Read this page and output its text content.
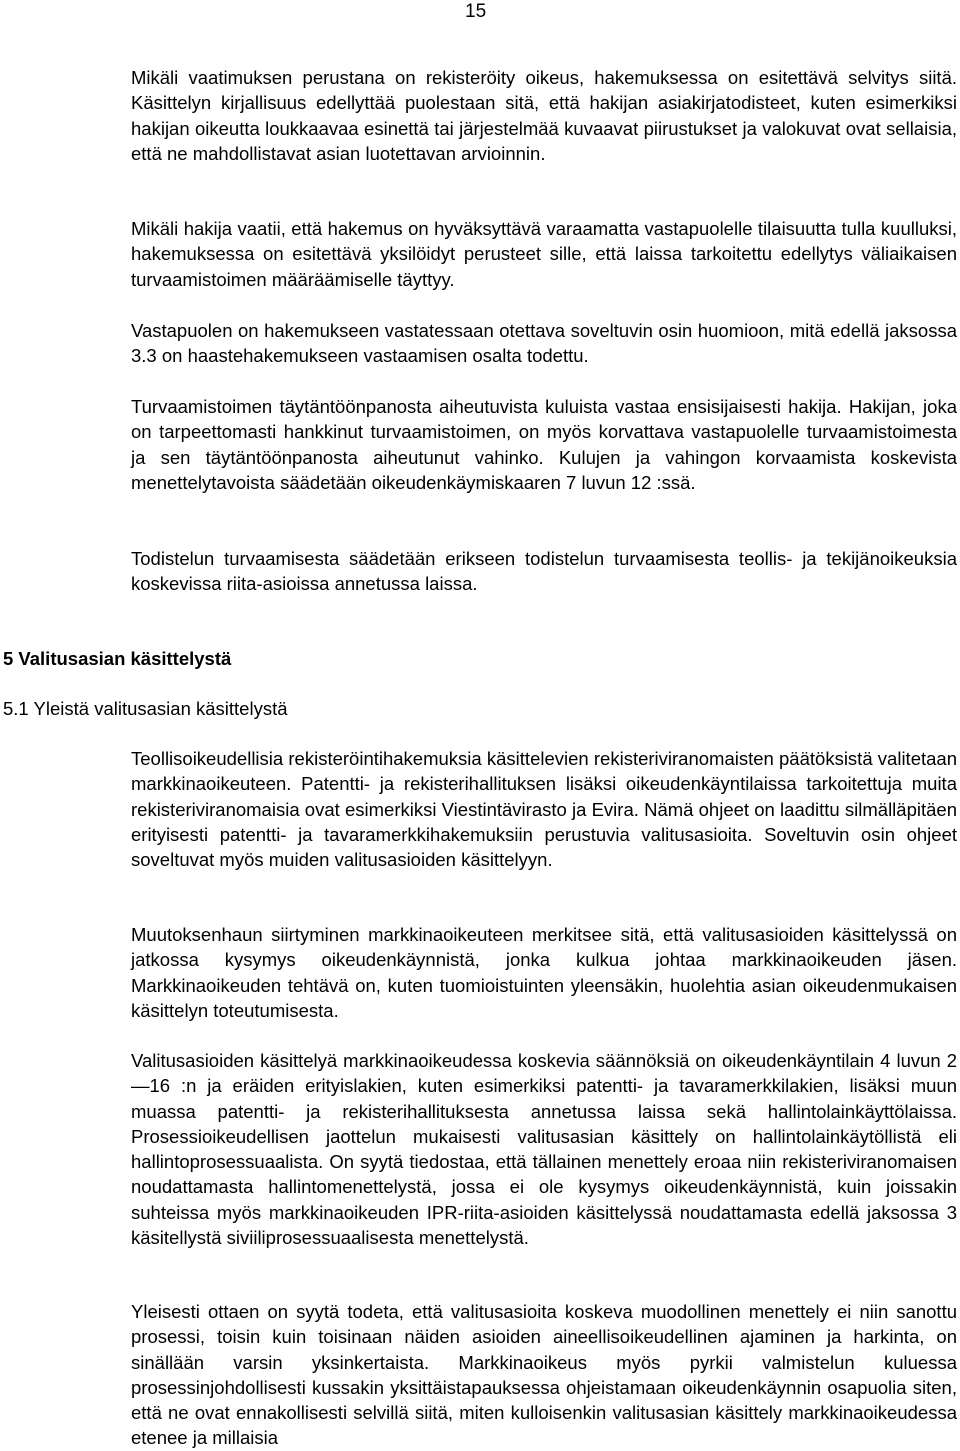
15

Mikäli vaatimuksen perustana on rekisteröity oikeus, hakemuksessa on esitettävä selvitys siitä. Käsittelyn kirjallisuus edellyttää puolestaan sitä, että hakijan asiakirjatodisteet, kuten esimerkiksi hakijan oikeutta loukkaavaa esinettä tai järjestelmää kuvaavat piirustukset ja valokuvat ovat sellaisia, että ne mahdollistavat asian luotettavan arvioinnin.

Mikäli hakija vaatii, että hakemus on hyväksyttävä varaamatta vastapuolelle tilaisuutta tulla kuulluksi, hakemuksessa on esitettävä yksilöidyt perusteet sille, että laissa tarkoitettu edellytys väliaikaisen turvaamistoimen määräämiselle täyttyy.

Vastapuolen on hakemukseen vastatessaan otettava soveltuvin osin huomioon, mitä edellä jaksossa 3.3 on haastehakemukseen vastaamisen osalta todettu.

Turvaamistoimen täytäntöönpanosta aiheutuvista kuluista vastaa ensisijaisesti hakija. Hakijan, joka on tarpeettomasti hankkinut turvaamistoimen, on myös korvattava vastapuolelle turvaamistoimesta ja sen täytäntöönpanosta aiheutunut vahinko. Kulujen ja vahingon korvaamista koskevista menettelytavoista säädetään oikeudenkäymiskaaren 7 luvun 12 :ssä.

Todistelun turvaamisesta säädetään erikseen todistelun turvaamisesta teollis- ja tekijänoikeuksia koskevissa riita-asioissa annetussa laissa.

5 Valitusasian käsittelystä
5.1 Yleistä valitusasian käsittelystä

Teollisoikeudellisia rekisteröintihakemuksia käsittelevien rekisteriviranomaisten päätöksistä valitetaan markkinaoikeuteen. Patentti- ja rekisterihallituksen lisäksi oikeudenkäyntilaissa tarkoitettuja muita rekisteriviranomaisia ovat esimerkiksi Viestintävirasto ja Evira. Nämä ohjeet on laadittu silmälläpitäen erityisesti patentti- ja tavaramerkkihakemuksiin perustuvia valitusasioita. Soveltuvin osin ohjeet soveltuvat myös muiden valitusasioiden käsittelyyn.

Muutoksenhaun siirtyminen markkinaoikeuteen merkitsee sitä, että valitusasioiden käsittelyssä on jatkossa kysymys oikeudenkäynnistä, jonka kulkua johtaa markkinaoikeuden jäsen. Markkinaoikeuden tehtävä on, kuten tuomioistuinten yleensäkin, huolehtia asian oikeudenmukaisen käsittelyn toteutumisesta.

Valitusasioiden käsittelyä markkinaoikeudessa koskevia säännöksiä on oikeudenkäyntilain 4 luvun 2—16 :n ja eräiden erityislakien, kuten esimerkiksi patentti- ja tavaramerkkilakien, lisäksi muun muassa patentti- ja rekisterihallituksesta annetussa laissa sekä hallintolainkäyttölaissa. Prosessioikeudellisen jaottelun mukaisesti valitusasian käsittely on hallintolainkäytöllistä eli hallintoprosessuaalista. On syytä tiedostaa, että tällainen menettely eroaa niin rekisteriviranomaisen noudattamasta hallintomenettelystä, jossa ei ole kysymys oikeudenkäynnistä, kuin joissakin suhteissa myös markkinaoikeuden IPR-riita-asioiden käsittelyssä noudattamasta edellä jaksossa 3 käsitellystä siviiliprosessuaalisesta menettelystä.

Yleisesti ottaen on syytä todeta, että valitusasioita koskeva muodollinen menettely ei niin sanottu prosessi, toisin kuin toisinaan näiden asioiden aineellisoikeudellinen ajaminen ja harkinta, on sinällään varsin yksinkertaista. Markkinaoikeus myös pyrkii valmistelun kuluessa prosessinjohdollisesti kussakin yksittäistapauksessa ohjeistamaan oikeudenkäynnin osapuolia siten, että ne ovat ennakollisesti selvillä siitä, miten kulloisenkin valitusasian käsittely markkinaoikeudessa etenee ja millaisia
